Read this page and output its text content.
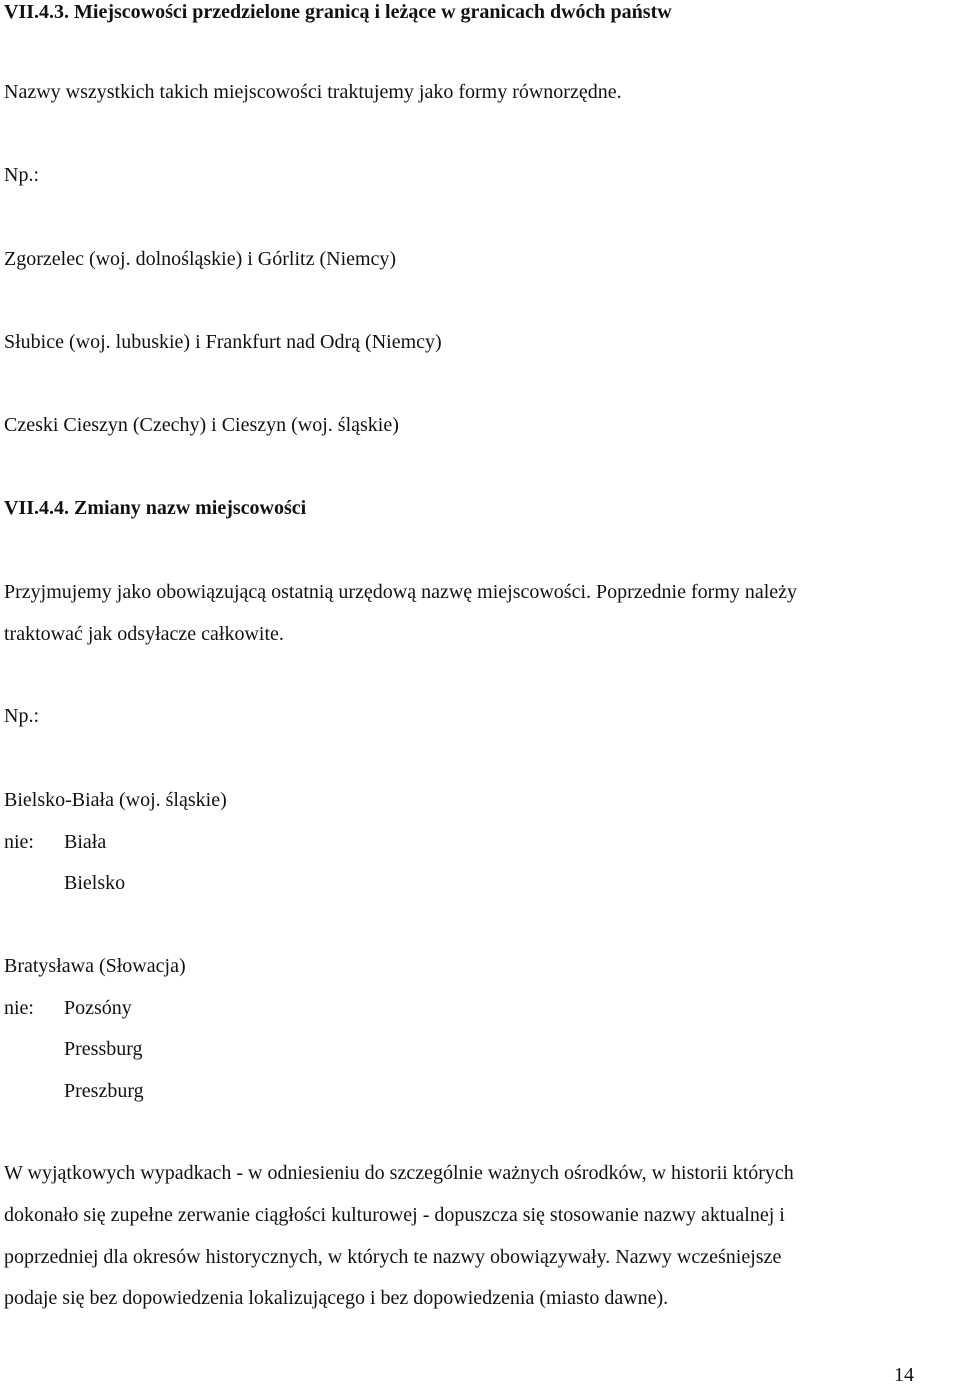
VII.4.3. Miejscowości przedzielone granicą i leżące w granicach dwóch państw
Nazwy wszystkich takich miejscowości traktujemy jako formy równorzędne.
Np.:
Zgorzelec (woj. dolnośląskie) i Górlitz (Niemcy)
Słubice (woj. lubuskie) i Frankfurt nad Odrą (Niemcy)
Czeski Cieszyn (Czechy) i Cieszyn (woj. śląskie)
VII.4.4. Zmiany nazw miejscowości
Przyjmujemy jako obowiązującą ostatnią urzędową nazwę miejscowości. Poprzednie formy należy
traktować jak odsyłacze całkowite.
Np.:
Bielsko-Biała (woj. śląskie)
nie: Biała
Bielsko
Bratysława (Słowacja)
nie: Pozsóny
Pressburg
Preszburg
W wyjątkowych wypadkach - w odniesieniu do szczególnie ważnych ośrodków, w historii których
dokonało się zupełne zerwanie ciągłości kulturowej - dopuszcza się stosowanie nazwy aktualnej i
poprzedniej dla okresów historycznych, w których te nazwy obowiązywały. Nazwy wcześniejsze
podaje się bez dopowiedzenia lokalizującego i bez dopowiedzenia (miasto dawne).
14
